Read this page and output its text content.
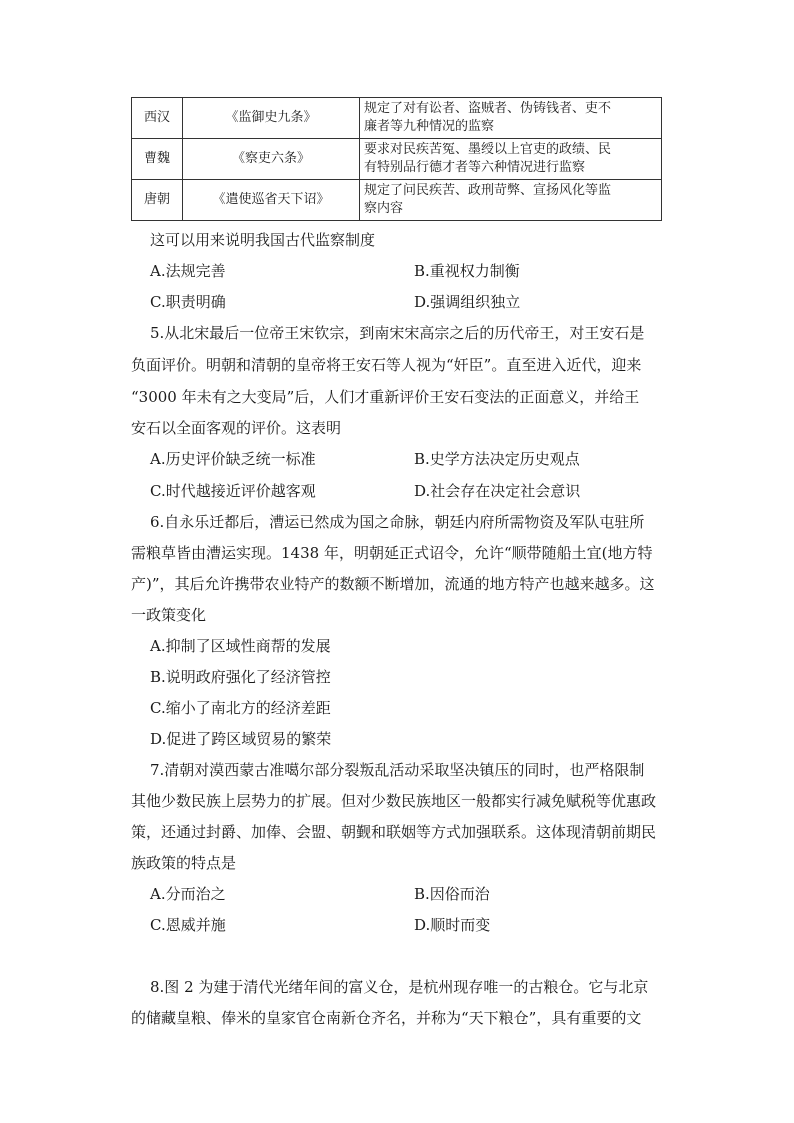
西汉	《监御史九条》	规定了对有讼者、盗贼者、伪铸钱者、吏不
廉者等九种情况的监察

曹魏	《察吏六条》	要求对民疾苦冤、墨绶以上官吏的政绩、民
有特别品行德才者等六种情况进行监察

唐朝	《遣使巡省天下诏》	规定了问民疾苦、政刑苛弊、宣扬风化等监
察内容
这可以用来说明我国古代监察制度
A.法规完善	B.重视权力制衡
C.职责明确	D.强调组织独立
5.从北宋最后一位帝王宋钦宗，到南宋宋高宗之后的历代帝王，对王安石是
负面评价。明朝和清朝的皇帝将王安石等人视为“奸臣”。直至进入近代，迎来
“3000 年未有之大变局”后，人们才重新评价王安石变法的正面意义，并给王
安石以全面客观的评价。这表明
A.历史评价缺乏统一标准	B.史学方法决定历史观点
C.时代越接近评价越客观	D.社会存在决定社会意识
6.自永乐迁都后，漕运已然成为国之命脉，朝廷内府所需物资及军队屯驻所
需粮草皆由漕运实现。1438 年，明朝延正式诏令，允许“顺带随船土宜(地方特
产)”，其后允许携带农业特产的数额不断增加，流通的地方特产也越来越多。这
一政策变化
A.抑制了区域性商帮的发展
B.说明政府强化了经济管控
C.缩小了南北方的经济差距
D.促进了跨区域贸易的繁荣
7.清朝对漠西蒙古准噶尔部分裂叛乱活动采取坚决镇压的同时，也严格限制
其他少数民族上层势力的扩展。但对少数民族地区一般都实行减免赋税等优惠政
策，还通过封爵、加俸、会盟、朝觐和联姻等方式加强联系。这体现清朝前期民
族政策的特点是
A.分而治之	B.因俗而治
C.恩威并施	D.顺时而变
8.图 2 为建于清代光绪年间的富义仓，是杭州现存唯一的古粮仓。它与北京
的储藏皇粮、俸米的皇家官仓南新仓齐名，并称为“天下粮仓”，具有重要的文
